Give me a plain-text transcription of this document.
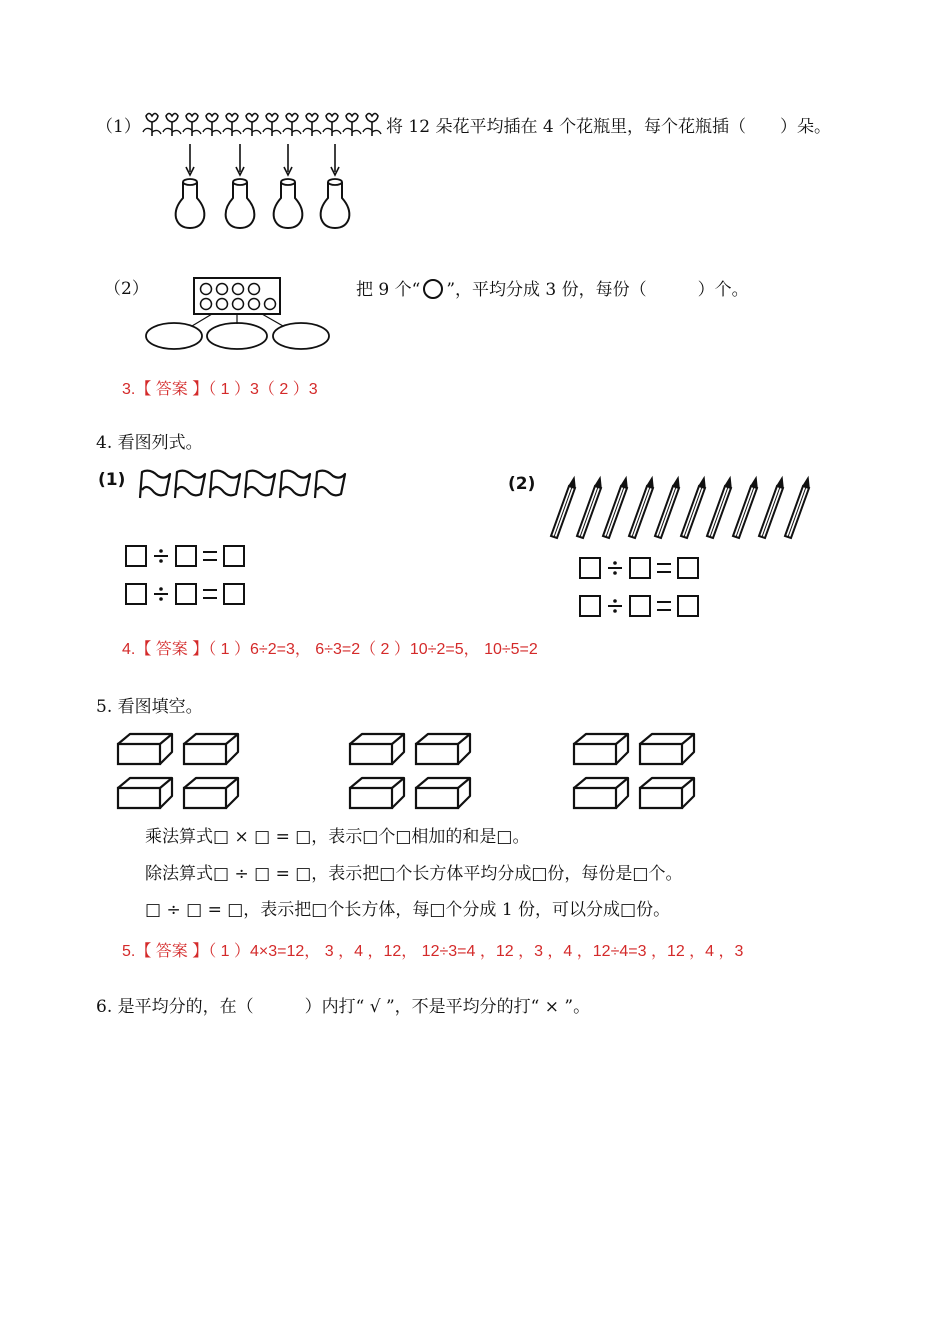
（1）	将 12 朵花平均插在 4 个花瓶里，每个花瓶插（　　）朵。
（2）	把 9 个“ ”，平均分成 3 份，每份（　　　）个。
3.【 答案 】（ 1 ）3（ 2 ）3
4. 看图列式。
(1)	(2)
4.【 答案 】（ 1 ）6÷2=3， 6÷3=2（ 2 ）10÷2=5， 10÷5=2
5. 看图填空。
乘法算式□ × □ = □，表示□个□相加的和是□。
除法算式□ ÷ □ = □，表示把□个长方体平均分成□份，每份是□个。
□ ÷ □ = □，表示把□个长方体，每□个分成 1 份，可以分成□份。
5.【 答案 】（ 1 ）4×3=12， 3 ，4 ，12， 12÷3=4 ，12 ，3 ，4 ，12÷4=3 ，12 ，4 ，3
6. 是平均分的，在（　　　）内打“ √ ”，不是平均分的打“ × ”。
